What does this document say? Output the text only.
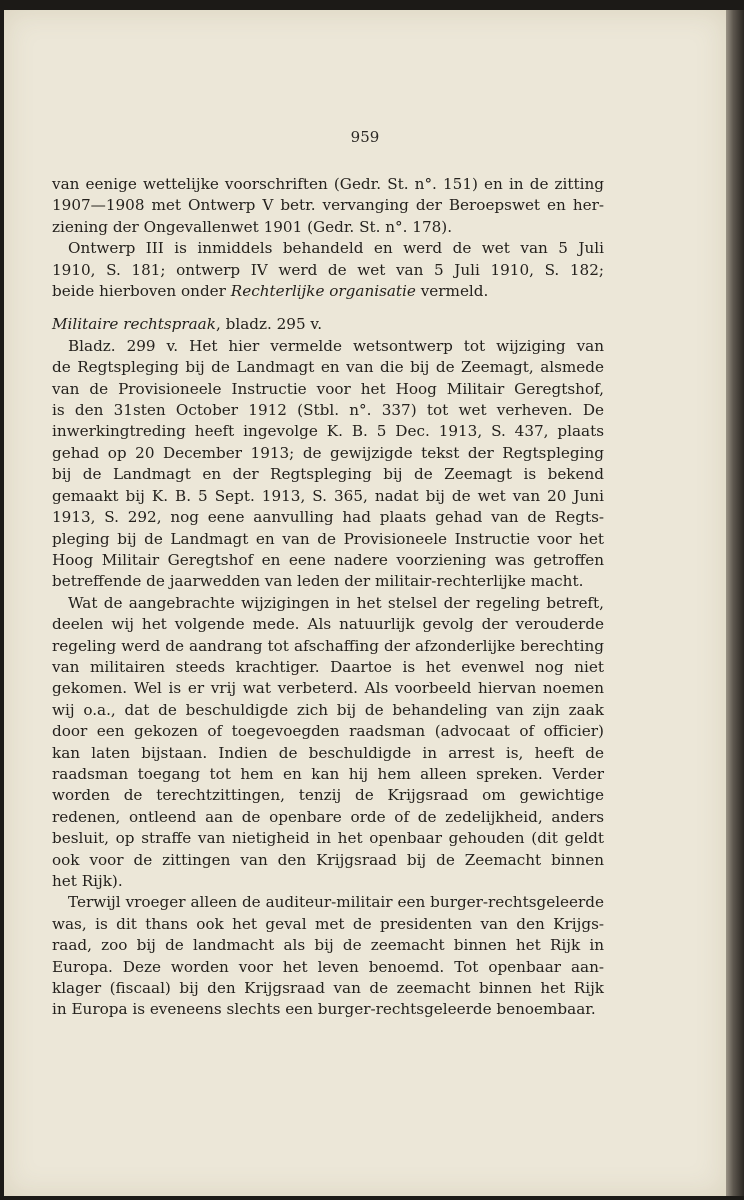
959
van eenige wettelijke voorschriften (Gedr. St. n°. 151) en in de zitting
1907—1908 met Ontwerp V betr. vervanging der Beroepswet en her-
ziening der Ongevallenwet 1901 (Gedr. St. n°. 178).
Ontwerp III is inmiddels behandeld en werd de wet van 5 Juli
1910, S. 181; ontwerp IV werd de wet van 5 Juli 1910, S. 182;
beide hierboven onder Rechterlijke organisatie vermeld.
Militaire rechtspraak, bladz. 295 v.
Bladz. 299 v. Het hier vermelde wetsontwerp tot wijziging van
de Regtspleging bij de Landmagt en van die bij de Zeemagt, alsmede
van de Provisioneele Instructie voor het Hoog Militair Geregtshof,
is den 31sten October 1912 (Stbl. n°. 337) tot wet verheven. De
inwerkingtreding heeft ingevolge K. B. 5 Dec. 1913, S. 437, plaats
gehad op 20 December 1913; de gewijzigde tekst der Regtspleging
bij de Landmagt en der Regtspleging bij de Zeemagt is bekend
gemaakt bij K. B. 5 Sept. 1913, S. 365, nadat bij de wet van 20 Juni
1913, S. 292, nog eene aanvulling had plaats gehad van de Regts-
pleging bij de Landmagt en van de Provisioneele Instructie voor het
Hoog Militair Geregtshof en eene nadere voorziening was getroffen
betreffende de jaarwedden van leden der militair-rechterlijke macht.
Wat de aangebrachte wijzigingen in het stelsel der regeling betreft,
deelen wij het volgende mede. Als natuurlijk gevolg der verouderde
regeling werd de aandrang tot afschaffing der afzonderlijke berechting
van militairen steeds krachtiger. Daartoe is het evenwel nog niet
gekomen. Wel is er vrij wat verbeterd. Als voorbeeld hiervan noemen
wij o.a., dat de beschuldigde zich bij de behandeling van zijn zaak
door een gekozen of toegevoegden raadsman (advocaat of officier)
kan laten bijstaan. Indien de beschuldigde in arrest is, heeft de
raadsman toegang tot hem en kan hij hem alleen spreken. Verder
worden de terechtzittingen, tenzij de Krijgsraad om gewichtige
redenen, ontleend aan de openbare orde of de zedelijkheid, anders
besluit, op straffe van nietigheid in het openbaar gehouden (dit geldt
ook voor de zittingen van den Krijgsraad bij de Zeemacht binnen
het Rijk).
Terwijl vroeger alleen de auditeur-militair een burger-rechtsgeleerde
was, is dit thans ook het geval met de presidenten van den Krijgs-
raad, zoo bij de landmacht als bij de zeemacht binnen het Rijk in
Europa. Deze worden voor het leven benoemd. Tot openbaar aan-
klager (fiscaal) bij den Krijgsraad van de zeemacht binnen het Rijk
in Europa is eveneens slechts een burger-rechtsgeleerde benoembaar.
